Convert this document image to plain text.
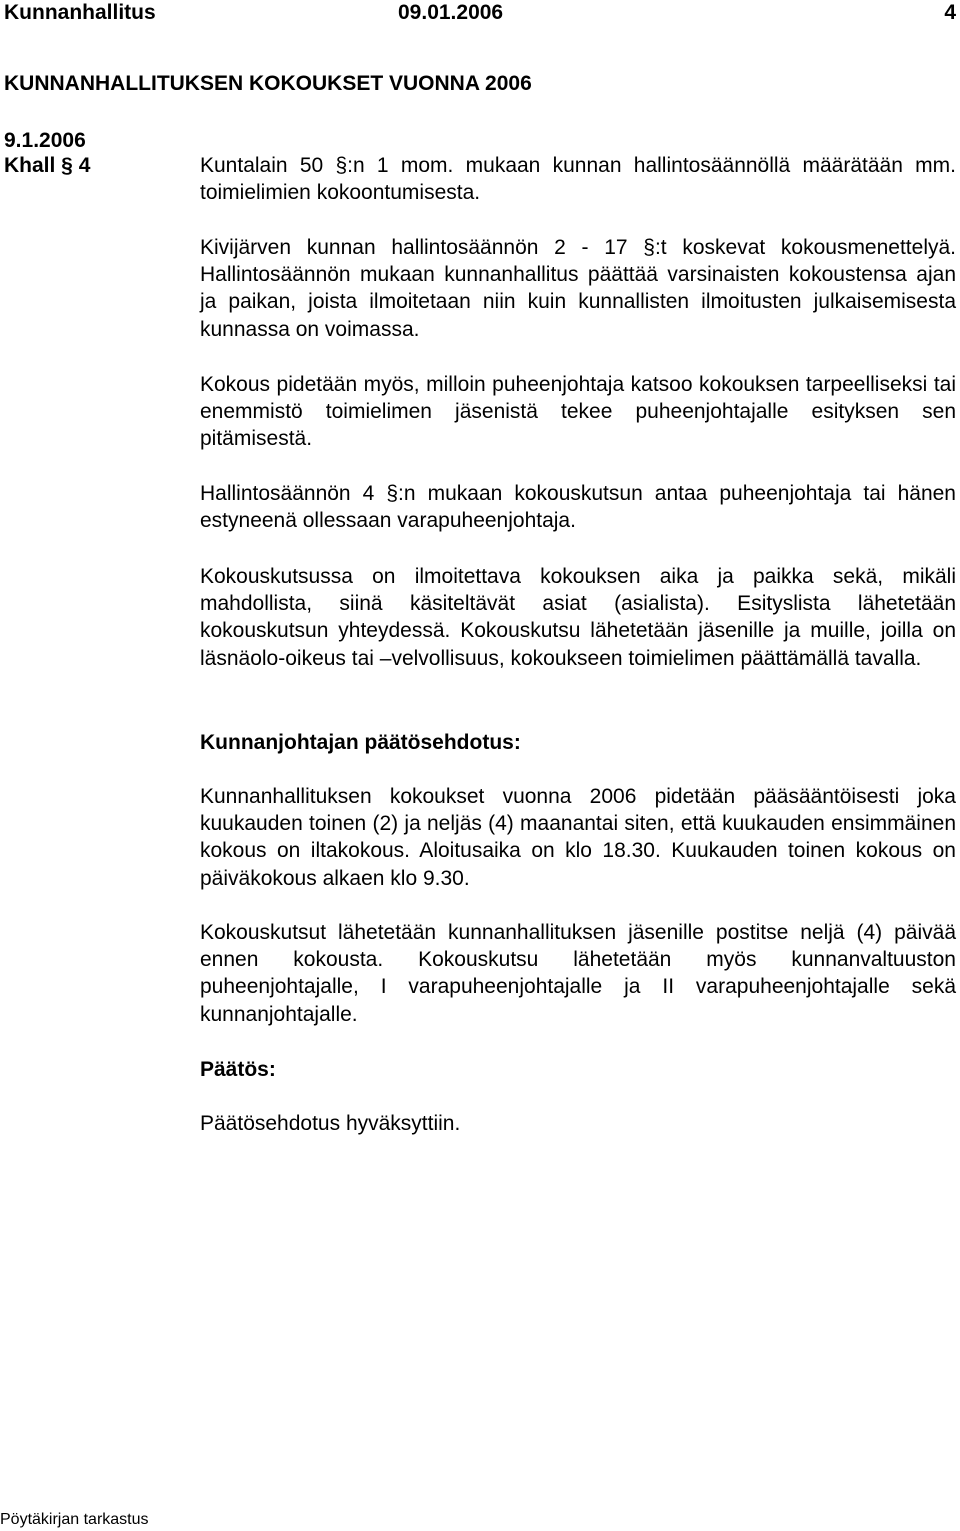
Kunnanhallitus	09.01.2006	4
KUNNANHALLITUKSEN KOKOUKSET VUONNA 2006
9.1.2006
Khall § 4	Kuntalain 50 §:n 1 mom. mukaan kunnan hallintosäännöllä määrätään mm. toimielimien kokoontumisesta.
Kivijärven kunnan hallintosäännön 2 - 17 §:t koskevat kokousmenettelyä. Hallintosäännön mukaan kunnanhallitus päättää varsinaisten kokoustensa ajan ja paikan, joista ilmoitetaan niin kuin kunnallisten ilmoitusten julkaisemisesta kunnassa on voimassa.
Kokous pidetään myös, milloin puheenjohtaja katsoo kokouksen tarpeelliseksi tai enemmistö toimielimen jäsenistä tekee puheenjohtajalle esityksen sen pitämisestä.
Hallintosäännön 4 §:n mukaan kokouskutsun antaa puheenjohtaja tai hänen estyneenä ollessaan varapuheenjohtaja.
Kokouskutsussa on ilmoitettava kokouksen aika ja paikka sekä, mikäli mahdollista, siinä käsiteltävät asiat (asialista). Esityslista lähetetään kokouskutsun yhteydessä. Kokouskutsu lähetetään jäsenille ja muille, joilla on läsnäolo-oikeus tai –velvollisuus, kokoukseen toimielimen päättämällä tavalla.
Kunnanjohtajan päätösehdotus:
Kunnanhallituksen kokoukset vuonna 2006 pidetään pääsääntöisesti joka kuukauden toinen (2) ja neljäs (4) maanantai siten, että kuukauden ensimmäinen kokous on iltakokous. Aloitusaika on klo 18.30. Kuukauden toinen kokous on päiväkokous alkaen klo 9.30.
Kokouskutsut lähetetään kunnanhallituksen jäsenille postitse neljä (4) päivää ennen kokousta. Kokouskutsu lähetetään myös kunnanvaltuuston puheenjohtajalle, I varapuheenjohtajalle ja II varapuheenjohtajalle sekä kunnanjohtajalle.
Päätös:
Päätösehdotus hyväksyttiin.
Pöytäkirjan tarkastus
